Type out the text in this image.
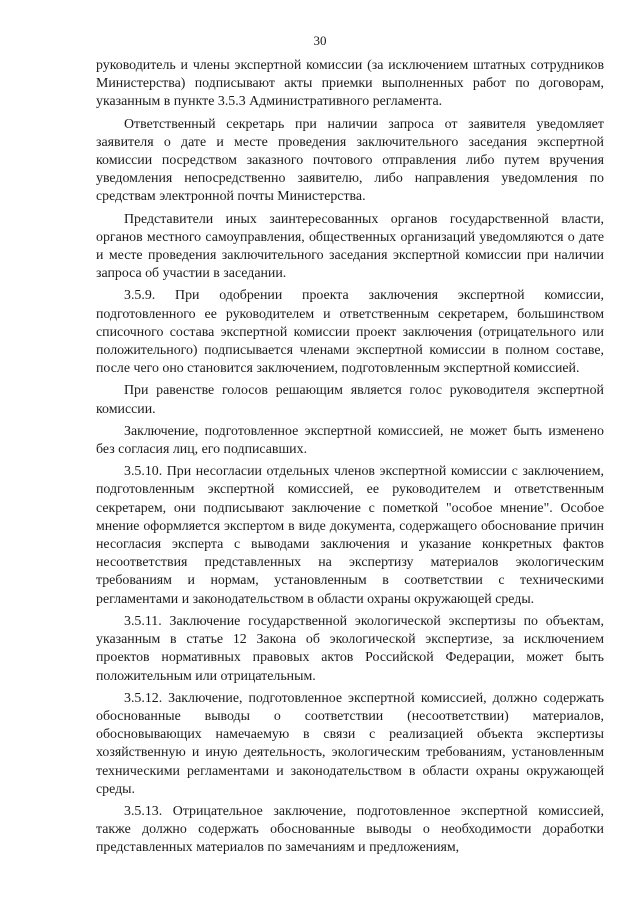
30

руководитель и члены экспертной комиссии (за исключением штатных сотрудников Министерства) подписывают акты приемки выполненных работ по договорам, указанным в пункте 3.5.3 Административного регламента.

Ответственный секретарь при наличии запроса от заявителя уведомляет заявителя о дате и месте проведения заключительного заседания экспертной комиссии посредством заказного почтового отправления либо путем вручения уведомления непосредственно заявителю, либо направления уведомления по средствам электронной почты Министерства.

Представители иных заинтересованных органов государственной власти, органов местного самоуправления, общественных организаций уведомляются о дате и месте проведения заключительного заседания экспертной комиссии при наличии запроса об участии в заседании.

3.5.9. При одобрении проекта заключения экспертной комиссии, подготовленного ее руководителем и ответственным секретарем, большинством списочного состава экспертной комиссии проект заключения (отрицательного или положительного) подписывается членами экспертной комиссии в полном составе, после чего оно становится заключением, подготовленным экспертной комиссией.

При равенстве голосов решающим является голос руководителя экспертной комиссии.

Заключение, подготовленное экспертной комиссией, не может быть изменено без согласия лиц, его подписавших.

3.5.10. При несогласии отдельных членов экспертной комиссии с заключением, подготовленным экспертной комиссией, ее руководителем и ответственным секретарем, они подписывают заключение с пометкой "особое мнение". Особое мнение оформляется экспертом в виде документа, содержащего обоснование причин несогласия эксперта с выводами заключения и указание конкретных фактов несоответствия представленных на экспертизу материалов экологическим требованиям и нормам, установленным в соответствии с техническими регламентами и законодательством в области охраны окружающей среды.

3.5.11. Заключение государственной экологической экспертизы по объектам, указанным в статье 12 Закона об экологической экспертизе, за исключением проектов нормативных правовых актов Российской Федерации, может быть положительным или отрицательным.

3.5.12. Заключение, подготовленное экспертной комиссией, должно содержать обоснованные выводы о соответствии (несоответствии) материалов, обосновывающих намечаемую в связи с реализацией объекта экспертизы хозяйственную и иную деятельность, экологическим требованиям, установленным техническими регламентами и законодательством в области охраны окружающей среды.

3.5.13. Отрицательное заключение, подготовленное экспертной комиссией, также должно содержать обоснованные выводы о необходимости доработки представленных материалов по замечаниям и предложениям,
